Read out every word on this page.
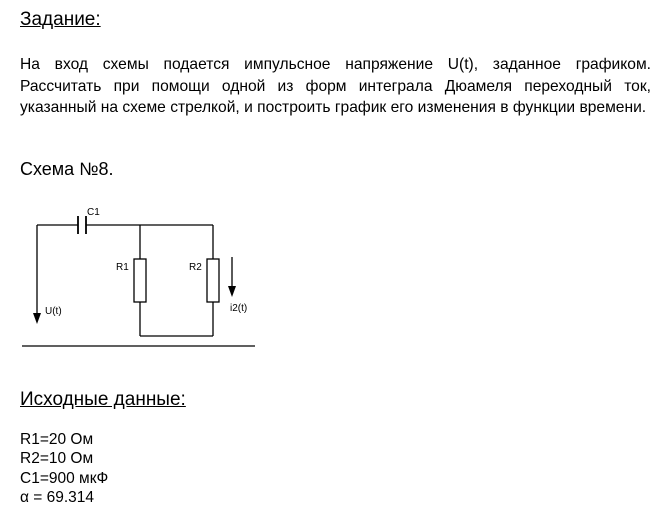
Задание:
На вход схемы подается импульсное напряжение U(t), заданное графиком. Рассчитать при помощи одной из форм интеграла Дюамеля переходный ток, указанный на схеме стрелкой, и построить график его изменения в функции времени.
Схема №8.
C1
R1	R2
U(t)	i2(t)
Исходные данные:
R1=20 Ом
R2=10 Ом
C1=900 мкФ
α = 69.314
